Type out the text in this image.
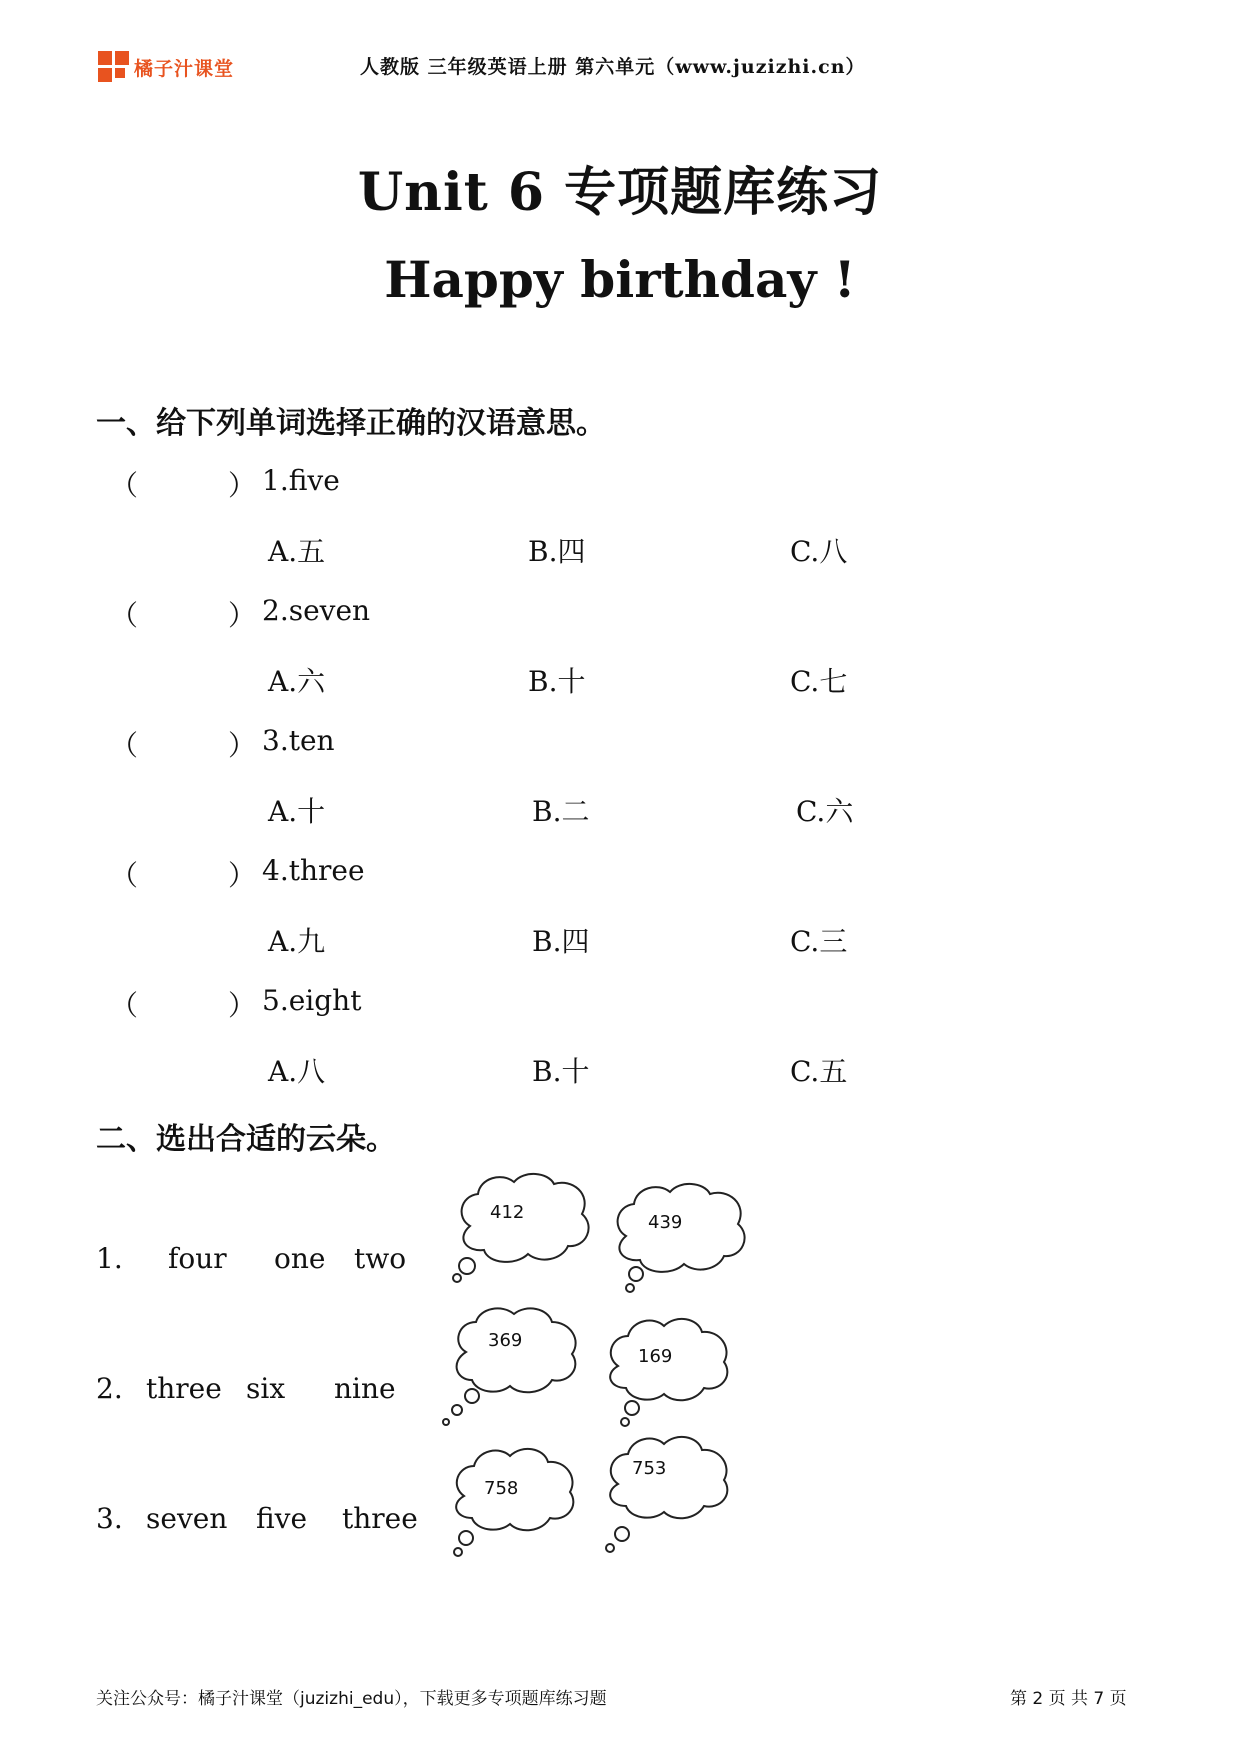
橘子汁课堂	人教版 三年级英语上册 第六单元（www.juzizhi.cn）
Unit 6 专项题库练习
Happy birthday !
一、给下列单词选择正确的汉语意思。
（	） 1.five
A.五	B.四	C.八
（	） 2.seven
A.六	B.十	C.七
（	） 3.ten
A.十	B.二	C.六
（	） 4.three
A.九	B.四	C.三
（	） 5.eight
A.八	B.十	C.五
二、选出合适的云朵。
1. four one two
2. three six nine
3. seven five three
412	439
369
169
758
753
关注公众号：橘子汁课堂（juzizhi_edu），下载更多专项题库练习题	第 2 页 共 7 页
